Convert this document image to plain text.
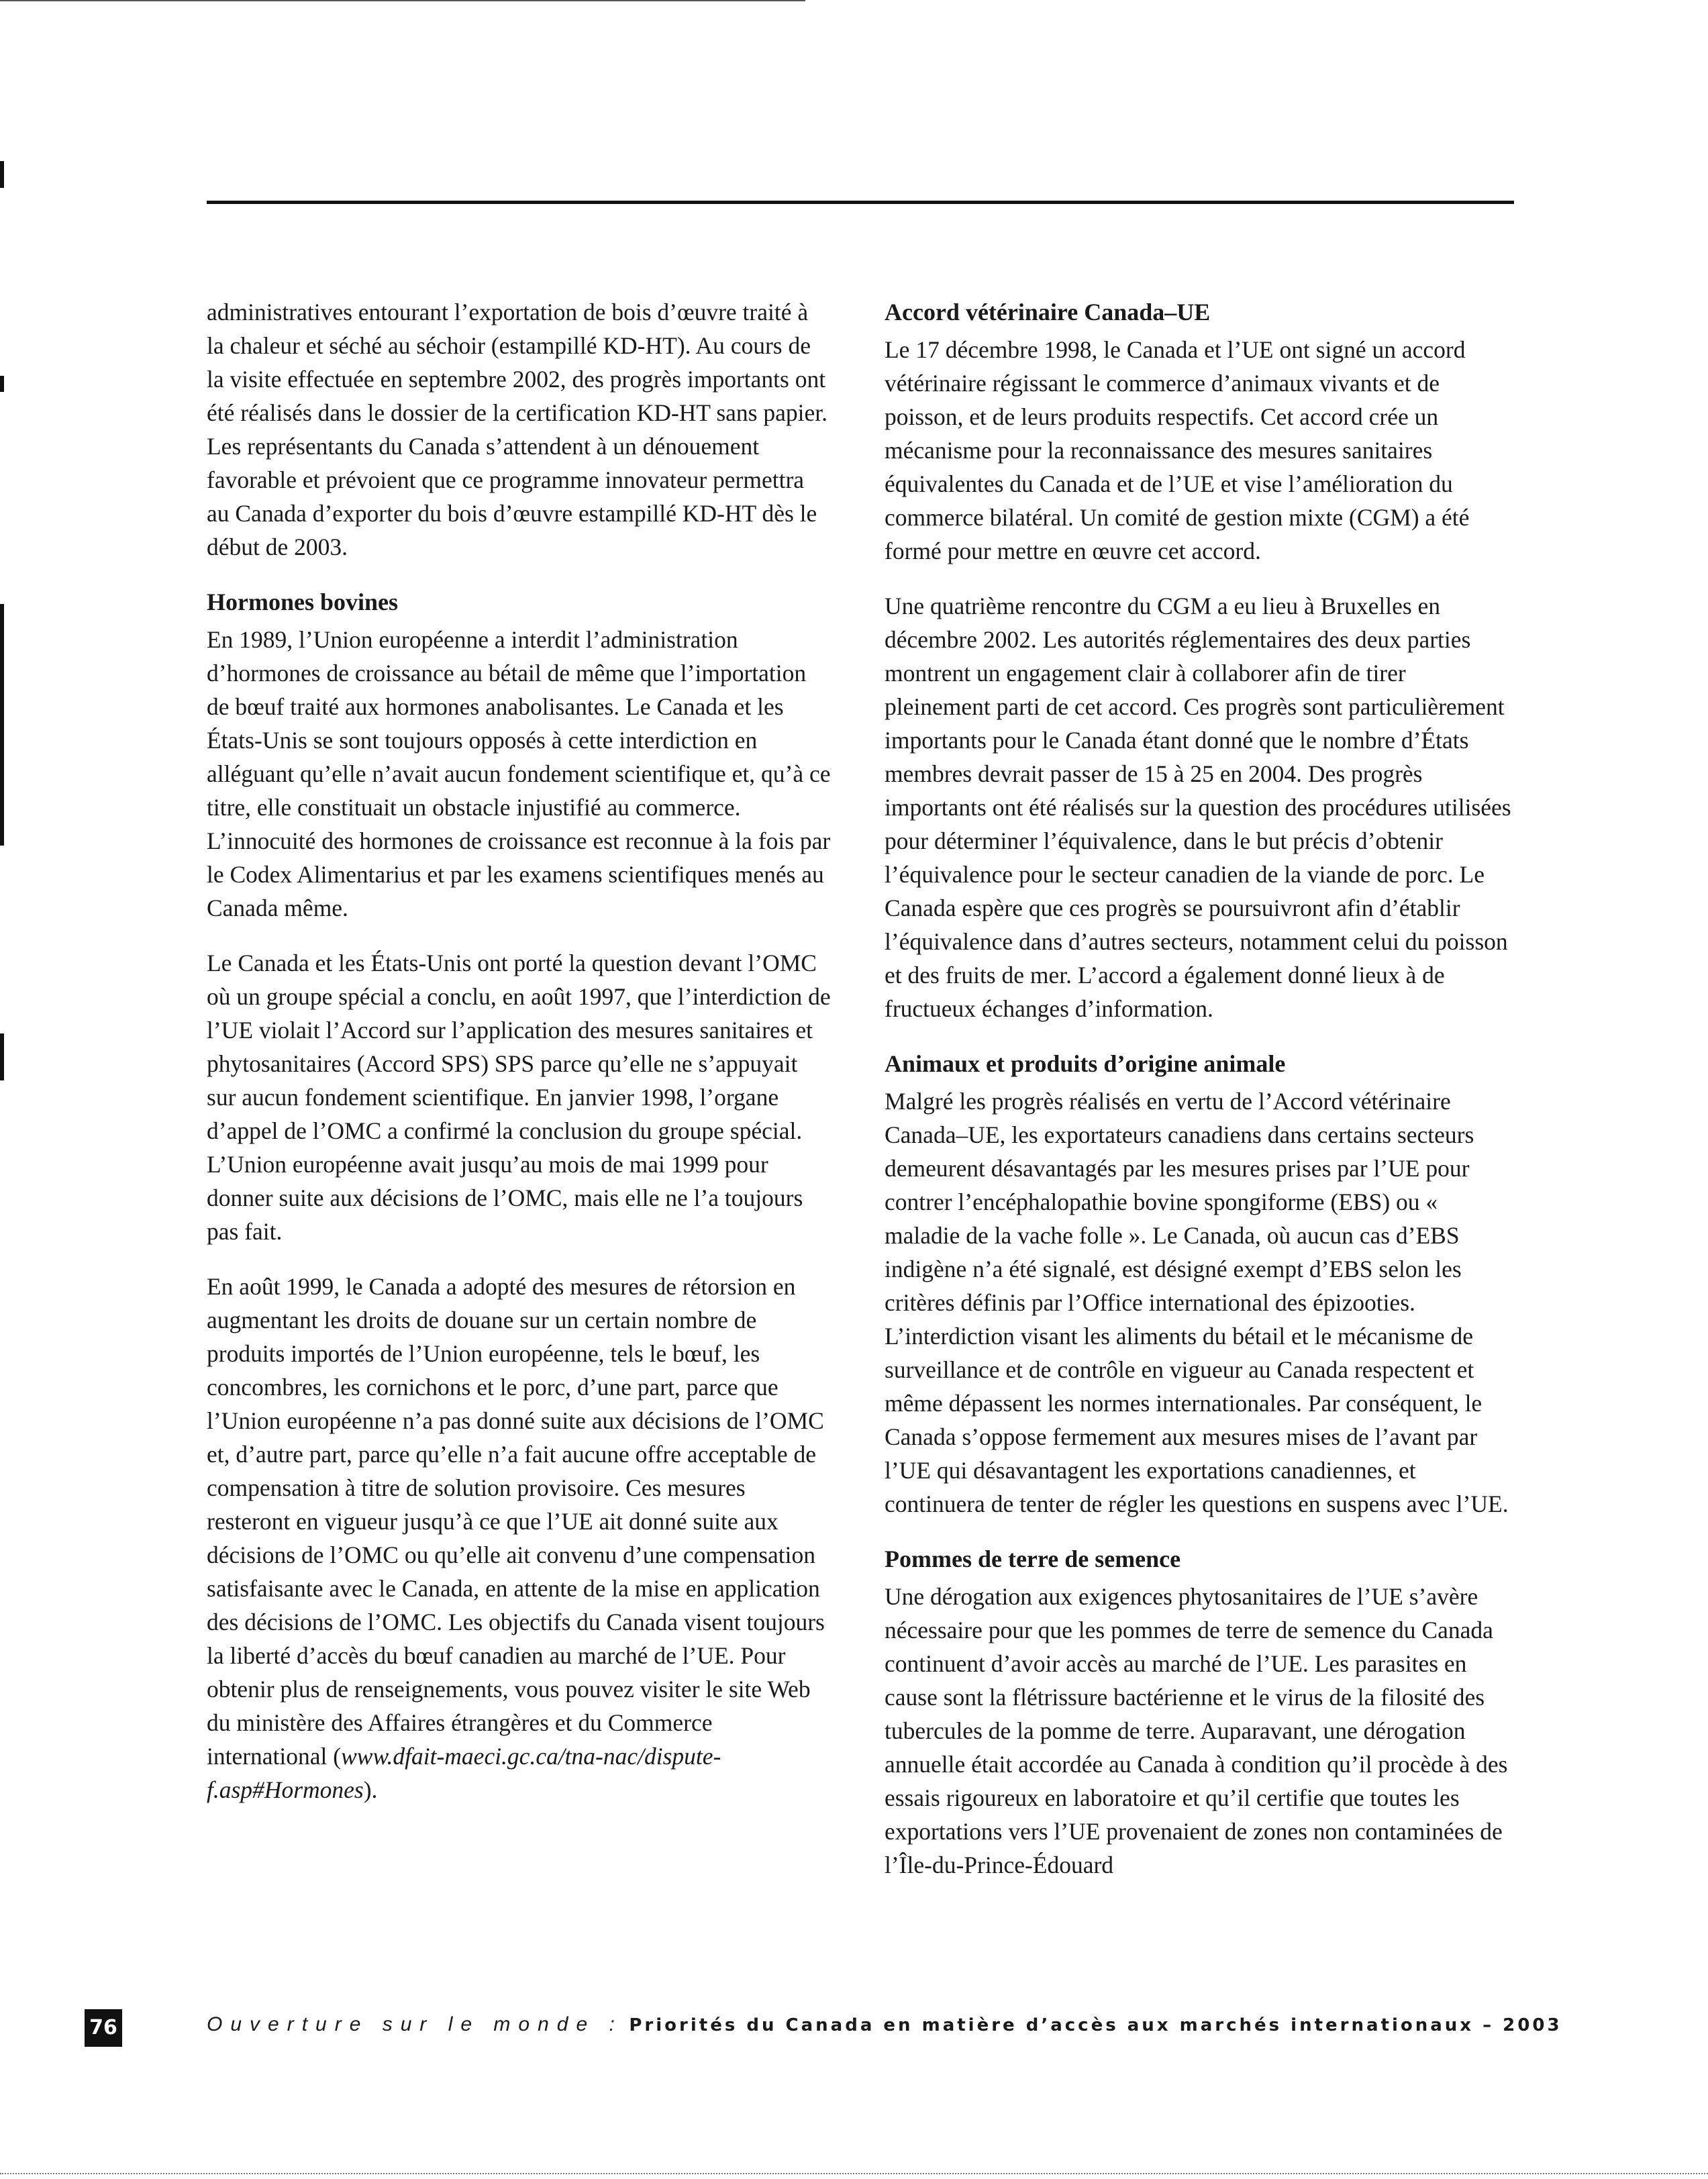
administratives entourant l’exportation de bois d’œuvre traité à la chaleur et séché au séchoir (estampillé KD-HT). Au cours de la visite effectuée en septembre 2002, des progrès importants ont été réalisés dans le dossier de la certification KD-HT sans papier. Les représentants du Canada s’attendent à un dénouement favorable et prévoient que ce programme innovateur permettra au Canada d’exporter du bois d’œuvre estampillé KD-HT dès le début de 2003.

Hormones bovines

En 1989, l’Union européenne a interdit l’administration d’hormones de croissance au bétail de même que l’importation de bœuf traité aux hormones anabolisantes. Le Canada et les États-Unis se sont toujours opposés à cette interdiction en alléguant qu’elle n’avait aucun fondement scientifique et, qu’à ce titre, elle constituait un obstacle injustifié au commerce. L’innocuité des hormones de croissance est reconnue à la fois par le Codex Alimentarius et par les examens scientifiques menés au Canada même.

Le Canada et les États-Unis ont porté la question devant l’OMC où un groupe spécial a conclu, en août 1997, que l’interdiction de l’UE violait l’Accord sur l’application des mesures sanitaires et phytosanitaires (Accord SPS) SPS parce qu’elle ne s’appuyait sur aucun fondement scientifique. En janvier 1998, l’organe d’appel de l’OMC a confirmé la conclusion du groupe spécial. L’Union européenne avait jusqu’au mois de mai 1999 pour donner suite aux décisions de l’OMC, mais elle ne l’a toujours pas fait.

En août 1999, le Canada a adopté des mesures de rétorsion en augmentant les droits de douane sur un certain nombre de produits importés de l’Union européenne, tels le bœuf, les concombres, les cornichons et le porc, d’une part, parce que l’Union européenne n’a pas donné suite aux décisions de l’OMC et, d’autre part, parce qu’elle n’a fait aucune offre acceptable de compensation à titre de solution provisoire. Ces mesures resteront en vigueur jusqu’à ce que l’UE ait donné suite aux décisions de l’OMC ou qu’elle ait convenu d’une compensation satisfaisante avec le Canada, en attente de la mise en application des décisions de l’OMC. Les objectifs du Canada visent toujours la liberté d’accès du bœuf canadien au marché de l’UE. Pour obtenir plus de renseignements, vous pouvez visiter le site Web du ministère des Affaires étrangères et du Commerce international (www.dfait-maeci.gc.ca/tna-nac/dispute-f.asp#Hormones).

Accord vétérinaire Canada–UE

Le 17 décembre 1998, le Canada et l’UE ont signé un accord vétérinaire régissant le commerce d’animaux vivants et de poisson, et de leurs produits respectifs. Cet accord crée un mécanisme pour la reconnaissance des mesures sanitaires équivalentes du Canada et de l’UE et vise l’amélioration du commerce bilatéral. Un comité de gestion mixte (CGM) a été formé pour mettre en œuvre cet accord.

Une quatrième rencontre du CGM a eu lieu à Bruxelles en décembre 2002. Les autorités réglementaires des deux parties montrent un engagement clair à collaborer afin de tirer pleinement parti de cet accord. Ces progrès sont particulièrement importants pour le Canada étant donné que le nombre d’États membres devrait passer de 15 à 25 en 2004. Des progrès importants ont été réalisés sur la question des procédures utilisées pour déterminer l’équivalence, dans le but précis d’obtenir l’équivalence pour le secteur canadien de la viande de porc. Le Canada espère que ces progrès se poursuivront afin d’établir l’équivalence dans d’autres secteurs, notamment celui du poisson et des fruits de mer. L’accord a également donné lieux à de fructueux échanges d’information.

Animaux et produits d’origine animale

Malgré les progrès réalisés en vertu de l’Accord vétérinaire Canada–UE, les exportateurs canadiens dans certains secteurs demeurent désavantagés par les mesures prises par l’UE pour contrer l’encéphalopathie bovine spongiforme (EBS) ou « maladie de la vache folle ». Le Canada, où aucun cas d’EBS indigène n’a été signalé, est désigné exempt d’EBS selon les critères définis par l’Office international des épizooties. L’interdiction visant les aliments du bétail et le mécanisme de surveillance et de contrôle en vigueur au Canada respectent et même dépassent les normes internationales. Par conséquent, le Canada s’oppose fermement aux mesures mises de l’avant par l’UE qui désavantagent les exportations canadiennes, et continuera de tenter de régler les questions en suspens avec l’UE.

Pommes de terre de semence

Une dérogation aux exigences phytosanitaires de l’UE s’avère nécessaire pour que les pommes de terre de semence du Canada continuent d’avoir accès au marché de l’UE. Les parasites en cause sont la flétrissure bactérienne et le virus de la filosité des tubercules de la pomme de terre. Auparavant, une dérogation annuelle était accordée au Canada à condition qu’il procède à des essais rigoureux en laboratoire et qu’il certifie que toutes les exportations vers l’UE provenaient de zones non contaminées de l’Île-du-Prince-Édouard

76	Ouverture sur le monde : Priorités du Canada en matière d’accès aux marchés internationaux – 2003
